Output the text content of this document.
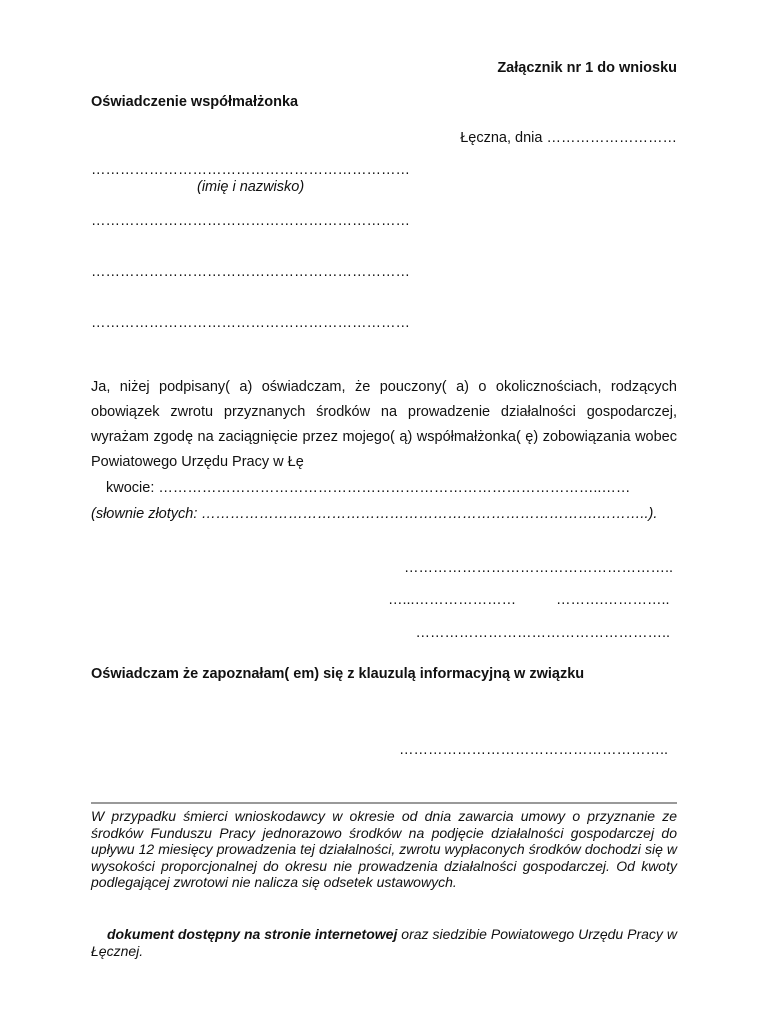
Załącznik nr 1 do wniosku
Oświadczenie współmałżonka
Łęczna, dnia ………………………
…………………………………………………………
(imię i nazwisko)
…………………………………………………………
…………………………………………………………
…………………………………………………………

Ja, niżej podpisany( a) oświadczam, że pouczony( a) o okolicznościach, rodzących obowiązek zwrotu przyznanych środków na prowadzenie działalności gospodarczej, wyrażam zgodę na zaciągnięcie przez mojego( ą) współmałżonka( ę) zobowiązania wobec Powiatowego Urzędu Pracy w Łę

kwocie: ………………………………………………………………………………..……
(słownie złotych: ……………………………………………………………………….………..).
………………………………………………..
…...…………………	……….…………..
……………………………………………..
Oświadczam że zapoznałam( em) się z klauzulą informacyjną w związku
………………………………………………..

W przypadku śmierci wnioskodawcy w okresie od dnia zawarcia umowy o przyznanie ze środków Funduszu Pracy jednorazowo środków na podjęcie działalności gospodarczej do upływu 12 miesięcy prowadzenia tej działalności, zwrotu wypłaconych środków dochodzi się w wysokości proporcjonalnej do okresu nie prowadzenia działalności gospodarczej. Od kwoty podlegającej zwrotowi nie nalicza się odsetek ustawowych.

dokument dostępny na stronie internetowej oraz siedzibie Powiatowego Urzędu Pracy w Łęcznej.
